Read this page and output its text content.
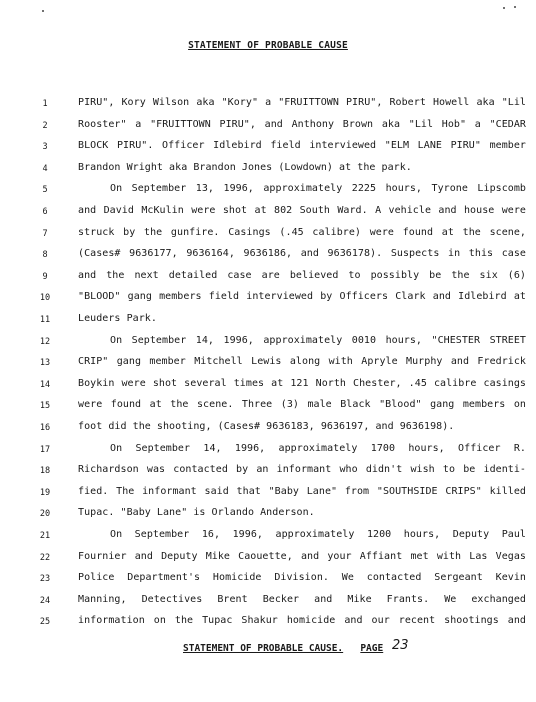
STATEMENT OF PROBABLE CAUSE
1	PIRU", Kory Wilson aka "Kory" a "FRUITTOWN PIRU", Robert Howell aka "Lil
2	Rooster" a "FRUITTOWN PIRU", and Anthony Brown aka "Lil Hob" a "CEDAR
3	BLOCK PIRU". Officer Idlebird field interviewed "ELM LANE PIRU" member
4	Brandon Wright aka Brandon Jones (Lowdown) at the park.
5	On September 13, 1996, approximately 2225 hours, Tyrone Lipscomb
6	and David McKulin were shot at 802 South Ward. A vehicle and house were
7	struck by the gunfire. Casings (.45 calibre) were found at the scene,
8	(Cases# 9636177, 9636164, 9636186, and 9636178). Suspects in this case
9	and the next detailed case are believed to possibly be the six (6)
10	"BLOOD" gang members field interviewed by Officers Clark and Idlebird at
11	Leuders Park.
12	On September 14, 1996, approximately 0010 hours, "CHESTER STREET
13	CRIP" gang member Mitchell Lewis along with Apryle Murphy and Fredrick
14	Boykin were shot several times at 121 North Chester, .45 calibre casings
15	were found at the scene. Three (3) male Black "Blood" gang members on
16	foot did the shooting, (Cases# 9636183, 9636197, and 9636198).
17	On September 14, 1996, approximately 1700 hours, Officer R.
18	Richardson was contacted by an informant who didn't wish to be identi-
19	fied. The informant said that "Baby Lane" from "SOUTHSIDE CRIPS" killed
20	Tupac. "Baby Lane" is Orlando Anderson.
21	On September 16, 1996, approximately 1200 hours, Deputy Paul
22	Fournier and Deputy Mike Caouette, and your Affiant met with Las Vegas
23	Police Department's Homicide Division. We contacted Sergeant Kevin
24	Manning, Detectives Brent Becker and Mike Frants. We exchanged
25	information on the Tupac Shakur homicide and our recent shootings and
STATEMENT OF PROBABLE CAUSE. PAGE 23
